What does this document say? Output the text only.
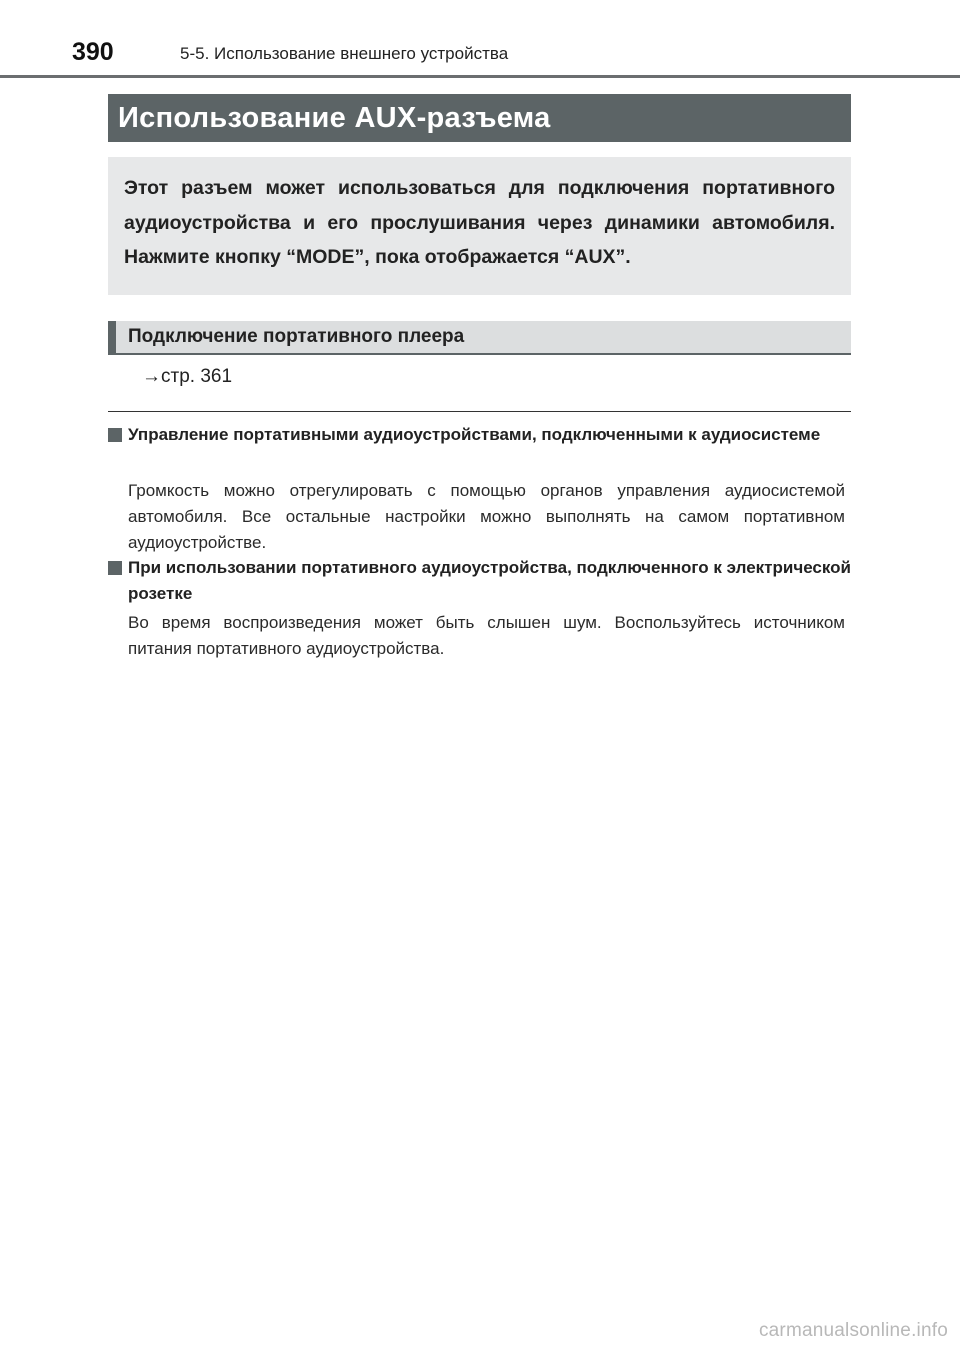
390	5-5. Использование внешнего устройства
Использование AUX-разъема

Этот разъем может использоваться для подключения портативного аудиоустройства и его прослушивания через динамики автомобиля. Нажмите кнопку “MODE”, пока отображается “AUX”.

Подключение портативного плеера
→стр. 361

Управление портативными аудиоустройствами, подключенными к аудиосистеме

Громкость можно отрегулировать с помощью органов управления аудиосистемой автомобиля. Все остальные настройки можно выполнять на самом портативном аудиоустройстве.

При использовании портативного аудиоустройства, подключенного к электрической розетке

Во время воспроизведения может быть слышен шум. Воспользуйтесь источником питания портативного аудиоустройства.

carmanualsonline.info
